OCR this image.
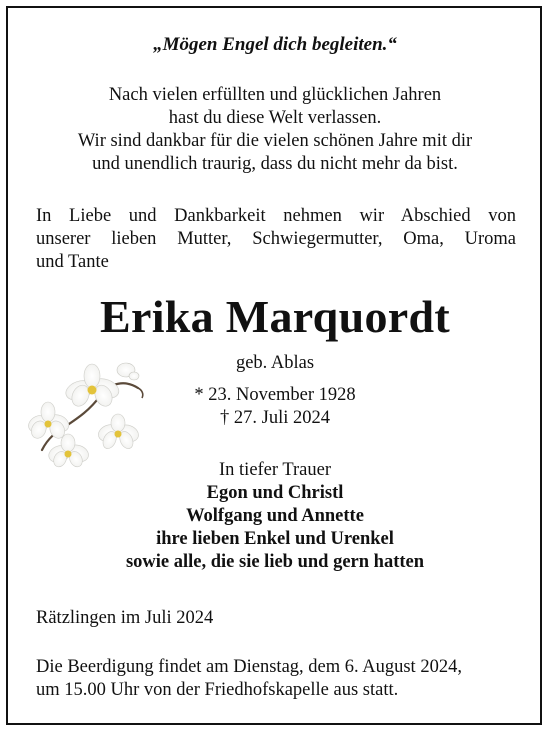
„Mögen Engel dich begleiten.“
Nach vielen erfüllten und glücklichen Jahren
hast du diese Welt verlassen.
Wir sind dankbar für die vielen schönen Jahre mit dir
und unendlich traurig, dass du nicht mehr da bist.
In Liebe und Dankbarkeit nehmen wir Abschied von
unserer lieben Mutter, Schwiegermutter, Oma, Uroma
und Tante
Erika Marquordt
geb. Ablas
* 23. November 1928
† 27. Juli 2024
In tiefer Trauer
Egon und Christl
Wolfgang und Annette
ihre lieben Enkel und Urenkel
sowie alle, die sie lieb und gern hatten
Rätzlingen im Juli 2024
Die Beerdigung findet am Dienstag, dem 6. August 2024,
um 15.00 Uhr von der Friedhofskapelle aus statt.
